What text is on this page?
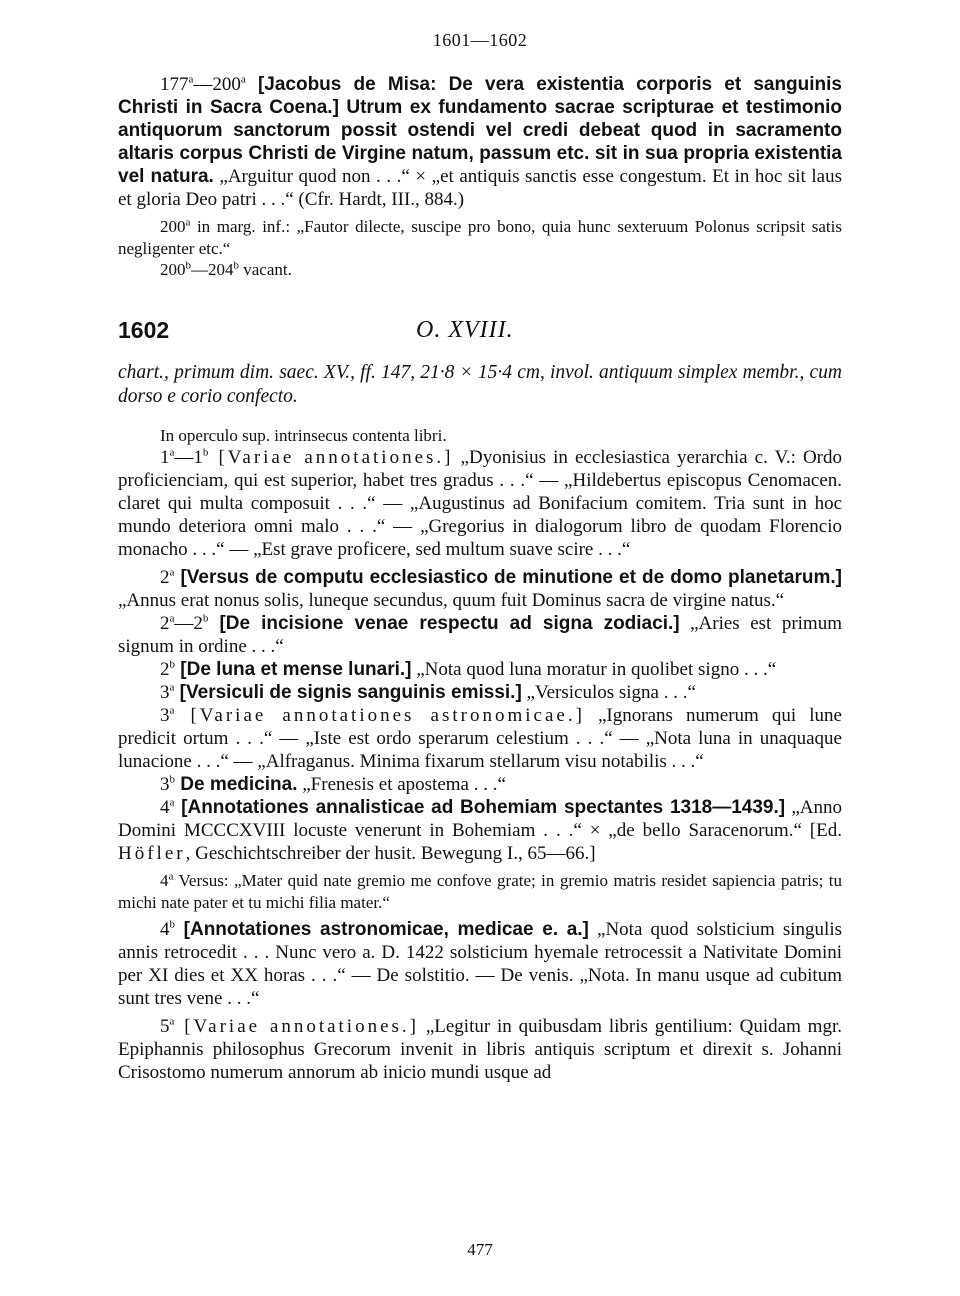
1601—1602

177$^a$—200$^a$ [Jacobus de Misa: De vera existentia corporis et sanguinis Christi in Sacra Coena.] Utrum ex fundamento sacrae scripturae et testimonio antiquorum sanctorum possit ostendi vel credi debeat quod in sacramento altaris corpus Christi de Virgine natum, passum etc. sit in sua propria existentia vel natura. „Arguitur quod non . . .“ × „et antiquis sanctis esse congestum. Et in hoc sit laus et gloria Deo patri . . .“ (Cfr. Hardt, III., 884.)

200$^a$ in marg. inf.: „Fautor dilecte, suscipe pro bono, quia hunc sexteruum Polonus scripsit satis negligenter etc.“

200$^b$—204$^b$ vacant.

1602	O. XVIII.

chart., primum dim. saec. XV., ff. 147, 21·8 × 15·4 cm, invol. antiquum simplex membr., cum dorso e corio confecto.

In operculo sup. intrinsecus contenta libri.

1$^a$—1$^b$ [Variae annotationes.] „Dyonisius in ecclesiastica yerarchia c. V.: Ordo proficienciam, qui est superior, habet tres gradus . . .“ — „Hildebertus episcopus Cenomacen. claret qui multa composuit . . .“ — „Augustinus ad Bonifacium comitem. Tria sunt in hoc mundo deteriora omni malo . . .“ — „Gregorius in dialogorum libro de quodam Florencio monacho . . .“ — „Est grave proficere, sed multum suave scire . . .“

2$^a$ [Versus de computu ecclesiastico de minutione et de domo planetarum.] „Annus erat nonus solis, luneque secundus, quum fuit Dominus sacra de virgine natus.“

2$^a$—2$^b$ [De incisione venae respectu ad signa zodiaci.] „Aries est primum signum in ordine . . .“

2$^b$ [De luna et mense lunari.] „Nota quod luna moratur in quolibet signo . . .“

3$^a$ [Versiculi de signis sanguinis emissi.] „Versiculos signa . . .“

3$^a$ [Variae annotationes astronomicae.] „Ignorans numerum qui lune predicit ortum . . .“ — „Iste est ordo sperarum celestium . . .“ — „Nota luna in unaquaque lunacione . . .“ — „Alfraganus. Minima fixarum stellarum visu notabilis . . .“

3$^b$ De medicina. „Frenesis et apostema . . .“

4$^a$ [Annotationes annalisticae ad Bohemiam spectantes 1318—1439.] „Anno Domini MCCCXVIII locuste venerunt in Bohemiam . . .“ × „de bello Saracenorum.“ [Ed. Höfler, Geschichtschreiber der husit. Bewegung I., 65—66.]

4$^a$ Versus: „Mater quid nate gremio me confove grate; in gremio matris residet sapiencia patris; tu michi nate pater et tu michi filia mater.“

4$^b$ [Annotationes astronomicae, medicae e. a.] „Nota quod solsticium singulis annis retrocedit . . . Nunc vero a. D. 1422 solsticium hyemale retrocessit a Nativitate Domini per XI dies et XX horas . . .“ — De solstitio. — De venis. „Nota. In manu usque ad cubitum sunt tres vene . . .“

5$^a$ [Variae annotationes.] „Legitur in quibusdam libris gentilium: Quidam mgr. Epiphannis philosophus Grecorum invenit in libris antiquis scriptum et direxit s. Johanni Crisostomo numerum annorum ab inicio mundi usque ad

477
